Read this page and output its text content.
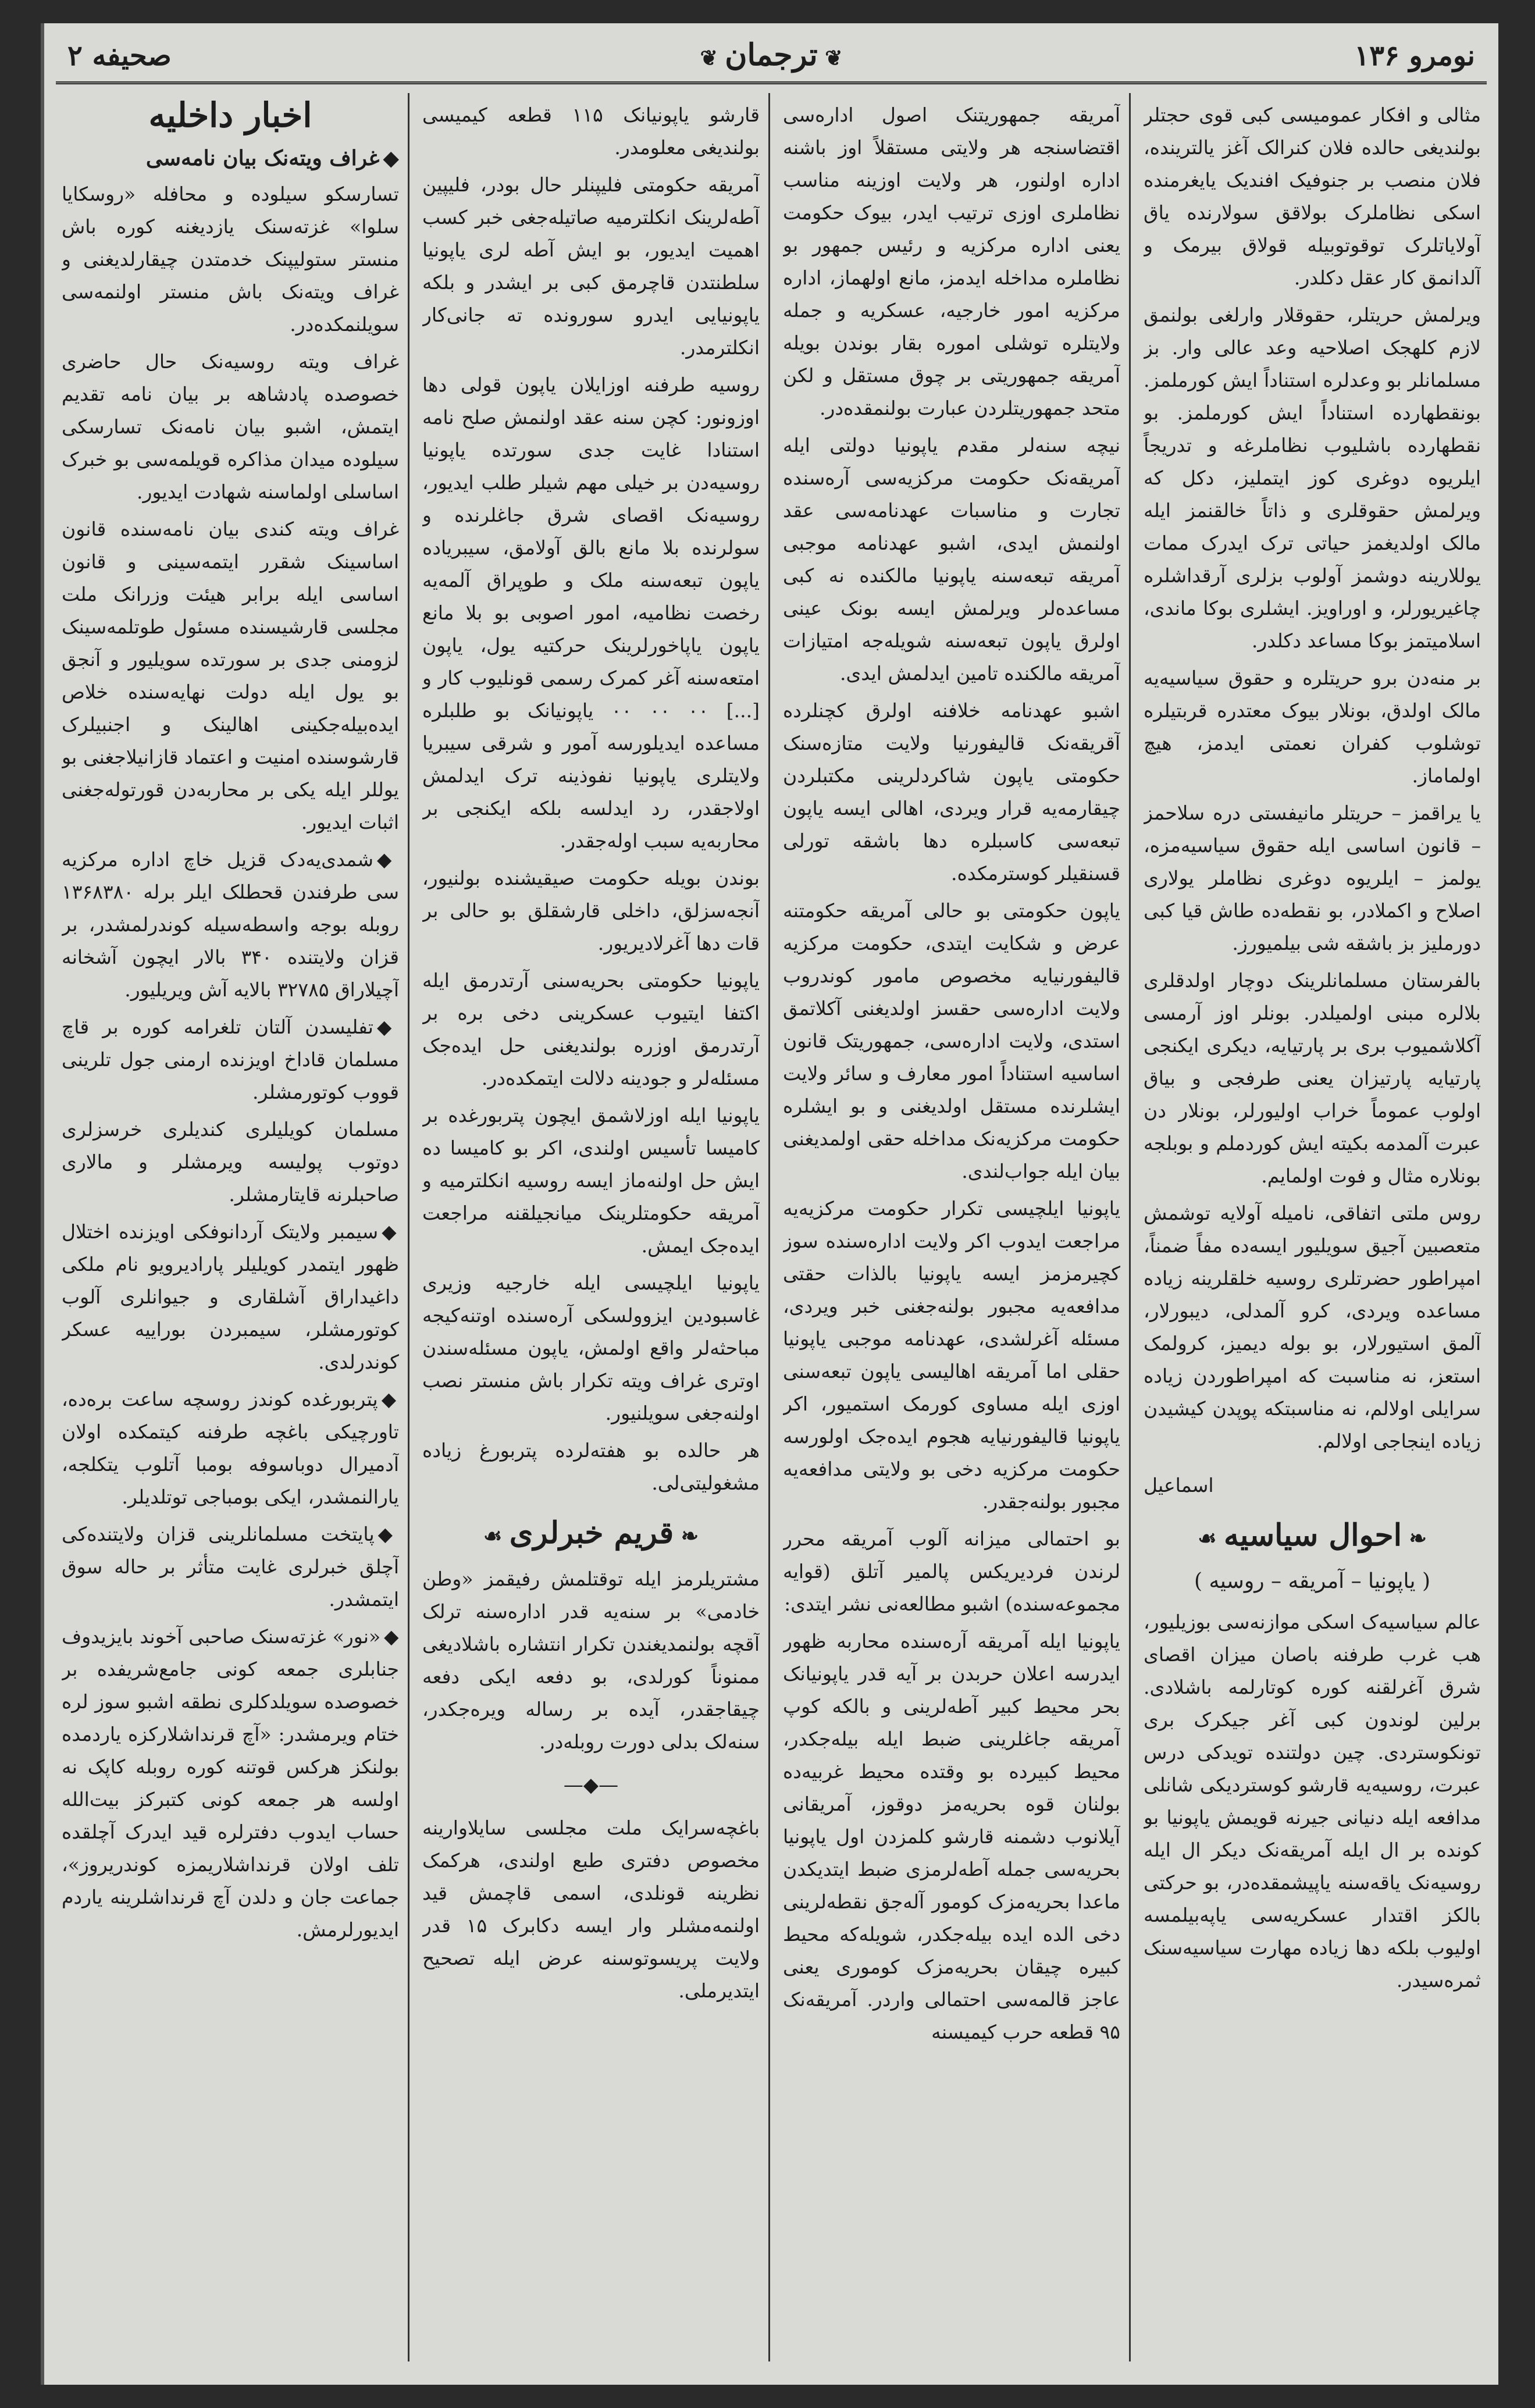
نومرو ۱۳۶
❦ ترجمان ❦
صحیفه ۲

مثالی و افکار عمومیسی کبی قوی حجتلر بولندیغی حالده فلان کنرالک آغز یالترینده، فلان منصب بر جنوفیک افندیک یایغرمنده اسکی نظاملرک بولاقق سولارنده یاق آولایاتلرک توقوتوبیله قولاق بیرمک و آلدانمق کار عقل دکلدر.

ویرلمش حریتلر، حقوقلار وارلغی بولنمق لازم کلهجک اصلاحیه وعد عالی وار. بز مسلمانلر بو وعدلره استناداً ایش کورملمز. بونقطهارده استناداً ایش کورملمز. بو نقطهارده باشلیوب نظاملرغه و تدریجاً ایلریوه دوغری کوز ایتمليز، دکل که ویرلمش حقوقلری و ذاتاً خالقنمز ایله مالک اولدیغمز حیاتی ترک ایدرک ممات یوللارینه دوشمز آولوب بزلری آرقداشلره چاغیریورلر، و اوراویز. ایشلری بوکا ماندی، اسلامیتمز بوکا مساعد دکلدر.

بر منه‌دن برو حریتلره و حقوق سیاسیه‌یه مالک اولدق، بونلار بیوک معتدره قربتیلره توشلوب کفران نعمتی ایدمز، هیچ اولماماز.

یا یراقمز – حریتلر مانیفستی دره سلاحمز – قانون اساسی ایله حقوق سیاسیه‌مزه، یولمز – ایلریوه دوغری نظاملر یولاری اصلاح و اکملادر، بو نقطه‌ده طاش قیا کبی دورملیز بز باشقه شی بیلمیورز.

بالفرستان مسلمانلرینک دوچار اولدقلری بلالره مبنی اولمیلدر. بونلر اوز آرمسی آکلاشمیوب بری بر پارتیایه، دیکری ایکنجی پارتیایه پارتیزان یعنی طرفجی و بیاق اولوب عموماً خراب اولیورلر، بونلار دن عبرت آلمدمه بکیته ایش کوردملم و بوبلجه بونلاره مثال و فوت اولمایم.

روس ملتی اتفاقی، نامیله آولایه توشمش متعصبین آجیق سویلیور ایسه‌ده مفاً ضمناً، امپراطور حضرتلری روسیه خلقلرینه زیاده مساعده ویردی، کرو آلمدلی، دیبورلار، آلمق استیورلار، بو بوله دیمیز، کرولمک استعز، نه مناسبت که امپراطوردن زیاده سرایلی اولالم، نه مناسبتکه پوپدن کیشیدن زیاده اینجاجی اولالم.

اسماعیل

❧ احوال سیاسیه ☙

( یاپونیا – آمریقه – روسیه )

عالم سیاسیه‌ک اسکی موازنه‌سی بوزیلیور، هب غرب طرفنه باصان میزان اقصای شرق آغرلقنه کوره کوتارلمه باشلادی. برلین لوندون کبی آغر جیکرک بری تونکوسترد‌ی. چین دولتنده تویدکی درس عبرت، روسیه‌یه قارشو کوستردیکی شانلی مدافعه ایله دنیانی جیرنه قویمش یاپونیا بو کونده بر ال ایله آمریقه‌نک دیکر ال ایله روسیه‌نک یاقه‌سنه یاپیشمقده‌در، بو حرکتی بالکز اقتدار عسکریه‌سی یاپه‌بیلمسه اولیوب بلکه دها زیاده مهارت سیاسیه‌سنک ثمره‌سیدر.

آمریقه جمهوریتنک اصول اداره‌سی اقتضاسنجه هر ولایتی مستقلاً اوز باشنه اداره اولنور، هر ولایت اوزینه مناسب نظاملری اوزی ترتیب ایدر، بیوک حکومت یعنی اداره مرکزیه و رئیس جمهور بو نظاملره مداخله ایدمز، مانع اولهماز، اداره مرکزیه امور خارجیه، عسکریه و جمله ولایتلره توشلی اموره بقار بوندن بویله آمریقه جمهوریتی بر چوق مستقل و لکن متحد جمهوریتلردن عبارت بولنمقده‌در.

نیچه سنه‌لر مقدم یاپونیا دولتی ایله آمریقه‌نک حکومت مرکزیه‌سی آره‌سنده تجارت و مناسبات عهدنامه‌سی عقد اولنمش ایدی، اشبو عهدنامه موجبی آمریقه تبعه‌سنه یاپونیا مالکنده نه کبی مساعده‌لر ویرلمش ایسه بونک عینی اولرق یاپون تبعه‌سنه شویله‌جه امتیازات آمریقه مالکنده تامین ایدلمش ایدی.

اشبو عهدنامه خلافنه اولرق کچنلرده آقریقه‌نک قالیفورنیا ولایت متازه‌سنک حکومتی یاپون شاکردلرینی مکتبلردن چیقارمه‌یه قرار ویردی، اهالی ایسه یاپون تبعه‌سی کاسبلره دها باشقه تورلی قسنقیلر کوسترمکده.

یاپون حکومتی بو حالی آمریقه حکومتنه عرض و شکایت ایتدی، حکومت مرکزیه قالیفورنیایه مخصوص مامور کوندروب ولایت اداره‌سی حقسز اولدیغنی آکلاتمق استدی، ولایت اداره‌سی، جمهوریتک قانون اساسیه استناداً امور معارف و سائر ولایت ایشلرنده مستقل اولدیغنی و بو ایشلره حکومت مرکزیه‌نک مداخله حقی اولمدیغنی بیان ایله جواب‌لندی.

یاپونیا ایلچیسی تکرار حکومت مرکزیه‌یه مراجعت ایدوب اکر ولایت اداره‌سنده سوز کچیرمزمز ایسه یاپونیا بالذات حقتی مدافعه‌یه مجبور بولنه‌جغنی خبر ویردی، مسئله آغرلشدی، عهدنامه موجبی یاپونیا حقلی اما آمریقه اهالیسی یاپون تبعه‌سنی اوزی ایله مساوی کورمک استمیور، اکر یاپونیا قالیفورنیایه هجوم ایده‌جک اولورسه حکومت مرکزیه دخی بو ولایتی مدافعه‌یه مجبور بولنه‌جقدر.

بو احتمالی میزانه آلوب آمریقه محرر لرندن فردیریکس پالمیر آتلق (قوایه مجموعه‌سنده) اشبو مطالعه‌نی نشر ایتدی:

یاپونیا ایله آمریقه آره‌سنده محاربه ظهور ایدرسه اعلان حربدن بر آیه قدر یاپونیانک بحر محیط کبیر آطه‌لرینی و بالکه کوپ آمریقه جاغلرینی ضبط ایله بیله‌جکدر، محیط کبیرده بو وقتده محیط غربیه‌ده بولنان قوه بحریه‌مز دوقوز، آمریقانی آیلانوب دشمنه قارشو کلمزدن اول یاپونیا بحریه‌سی جمله آطه‌لرمزی ضبط ایتدیکدن ماعدا بحریه‌مزک کومور آله‌جق نقطه‌لرینی دخی الده ایده بیله‌جکدر، شویله‌که محیط کبیره چیقان بحریه‌مزک کوموری یعنی عاجز قالمه‌سی احتمالی واردر. آمریقه‌نک ۹۵ قطعه حرب کیمیسنه

قارشو یاپونیانک ۱۱۵ قطعه کیمیسی بولندیغی معلومدر.

آمریقه حکومتی فلیپنلر حال بودر، فلیپین آطه‌لرینک انکلترمیه صاتیله‌جغی خبر کسب اهمیت ایدیور، بو ایش آطه لری یاپونیا سلطنتدن قاچرمق کبی بر ایشدر و بلکه یاپونیایی ایدرو سوروند‌ه ته جانی‌کار انکلترمدر.

روسیه طرفنه اوزایلان یاپون قولی دها اوزونور: کچن سنه عقد اولنمش صلح نامه استنادا غایت جدی سورتده یاپونیا روسیه‌دن بر خیلی مهم شیلر طلب ایدیور، روسیه‌نک اقصای شرق جاغلرنده و سولرنده بلا مانع بالق آولامق، سیبریاده یاپون تبعه‌سنه ملک و طوپراق آلمه‌یه رخصت نظامیه، امور اصوبی بو بلا مانع یاپون یاپاخورلرینک حرکتیه یول، یاپون امتعه‌سنه آغر کمرک رسمی قونلیوب کار و [...] ۰۰ ۰۰ ۰۰ یاپونیانک بو طلبلره مساعده ایدیلورسه آمور و شرقی سیبریا ولایتلری یاپونیا نفوذینه ترک ایدلمش اولاجقدر، رد ایدلسه بلکه ایکنجی بر محاربه‌یه سبب اوله‌جقدر.

بوندن بویله حکومت صیقیشنده بولنیور، آنجه‌سزلق، داخلی قارشقلق بو حالی بر قات دها آغرلادیریور.

یاپونیا حکومتی بحریه‌سنی آرتدرمق ایله اکتفا ایتیوب عسکرینی دخی بره بر آرتدرمق اوزره بولندیغنی حل ایده‌جک مسئله‌لر و جودینه دلالت ایتمکده‌در.

یاپونیا ایله اوزلاشمق ایچون پتربورغده بر کامیسا تأسیس اولندی، اکر بو کامیسا ده ایش حل اولنه‌ماز ایسه روسیه انکلترمیه و آمریقه حکومتلرینک میانجیلقنه مراجعت ایده‌جک ایمش.

یاپونیا ایلچیسی ایله خارجیه وزیری غاسبودین ایزوولسکی آره‌سنده اوتنه‌کیجه مباحثه‌لر واقع اولمش، یاپون مسئله‌سندن اوتری غراف ویته تکرار باش منستر نصب اولنه‌جغی سویلنیور.

هر حالده بو هفته‌لرده پتربورغ زیاده مشغولیتی‌لی.

❧ قریم خبرلری ☙

مشتریلرمز ایله توقتلمش رفیقمز «وطن خادمی» بر سنه‌یه قدر اداره‌سنه ترلک آقچه بولنمدیغندن تکرار انتشاره باشلادیغی ممنوناً کورلدی، بو دفعه ایکی دفعه چیقاجقدر، آیده بر رساله ویره‌جکدر، سنه‌لک بدلی دورت روبله‌در.

—◆—

باغچه‌سرایک ملت مجلسی سایلاوارینه مخصوص دفتری طبع اولندی، هرکمک نظرینه قونلدی، اسمی قاچمش قید اولنمه‌مشلر وار ایسه دکابرک ۱۵ قدر ولایت پریسوتوسنه عرض ایله تصحیح ایتدیرملی.

اخبار داخلیه

◆غراف ویته‌نک بیان نامه‌سی

تسارسکو سیلوده و محافله «روسکایا سلوا» غزته‌سنک یازدیغنه کوره باش منستر ستولیپنک خدمتدن چیقارلدیغنی و غراف ویته‌نک باش منستر اولنمه‌سی سویلنمکده‌در.

غراف ویته روسیه‌نک حال حاضری خصوصده پادشاهه بر بیان نامه تقدیم ایتمش، اشبو بیان نامه‌نک تسارسکی سیلوده میدان مذاکره قویلمه‌سی بو خبرک اساسلی اولماسنه شهادت ایدیور.

غراف ویته کندی بیان نامه‌سنده قانون اساسینک شقرر ایتمه‌سینی و قانون اساسی ایله برابر هیئت وزرانک ملت مجلسی قارشیسنده مسئول طوتلمه‌سینک لزومنی جدی بر سورتده سویلیور و آنجق بو یول ایله دولت نهایه‌سنده خلاص ایده‌بیله‌جکینی اهالینک و اجنبیلرک قارشوسنده امنیت و اعتماد قازانیلاجغنی بو یوللر ایله یکی بر محاربه‌دن قورتوله‌جغنی اثبات ایدیور.

◆شمدی‌یه‌دک قزیل خاچ اداره مرکزیه سی طرفندن قحطلک ایلر برله ۱۳۶۸۳۸۰ روبله بوجه واسطه‌سیله کوندرلمشدر، بر قزان ولایتنده ۳۴۰ بالار ایچون آشخانه آچیلاراق ۳۲۷۸۵ بالایه آش ویریلیور.

◆تفلیسدن آلتان تلغرامه کوره بر قاچ مسلمان قاداخ اویزنده ارمنی جول تلرینی قووب کوتورمشلر.

مسلمان کویلیلری کندیلری خرسزلری دوتوب پولیسه ویرمشلر و مالاری صاحبلرنه قایتارمشلر.

◆سیمبر ولایتک آردانوفکی اویزنده اختلال ظهور ایتمدر کویلیلر پارادیرویو نام ملکی داغیداراق آشلقاری و جیوانلری آلوب کوتورمشلر، سیمبردن بوراییه عسکر کوندرلدی.

◆پتربورغده کوندز روسچه ساعت بره‌ده، تاورچیکی باغچه طرفنه کیتمکده اولان آدمیرال دوباسوفه بومبا آتلوب یتکلجه، یارالنمشدر، ایکی بومباجی توتلدیلر.

◆پایتخت مسلمانلرینی قزان ولایتنده‌کی آچلق خبرلری غایت متأثر بر حاله سوق ایتمشدر.

◆«نور» غزته‌سنک صاحبی آخوند بایزیدوف جنابلری جمعه کونی جامع‌شریفده بر خصوصده سویلدکلری نطقه اشبو سوز لره ختام ویرمشدر: «آچ قرنداشلارکزه یاردمده بولنکز هرکس قوتنه کوره روبله کاپک نه اولسه هر جمعه کونی کتبرکز بیت‌الله حساب ایدوب دفترلره قید ایدرک آچلقده تلف اولان قرنداشلاریمزه کوندریروز»، جماعت جان و دلدن آچ قرنداشلرینه یاردم ایدیورلرمش.
